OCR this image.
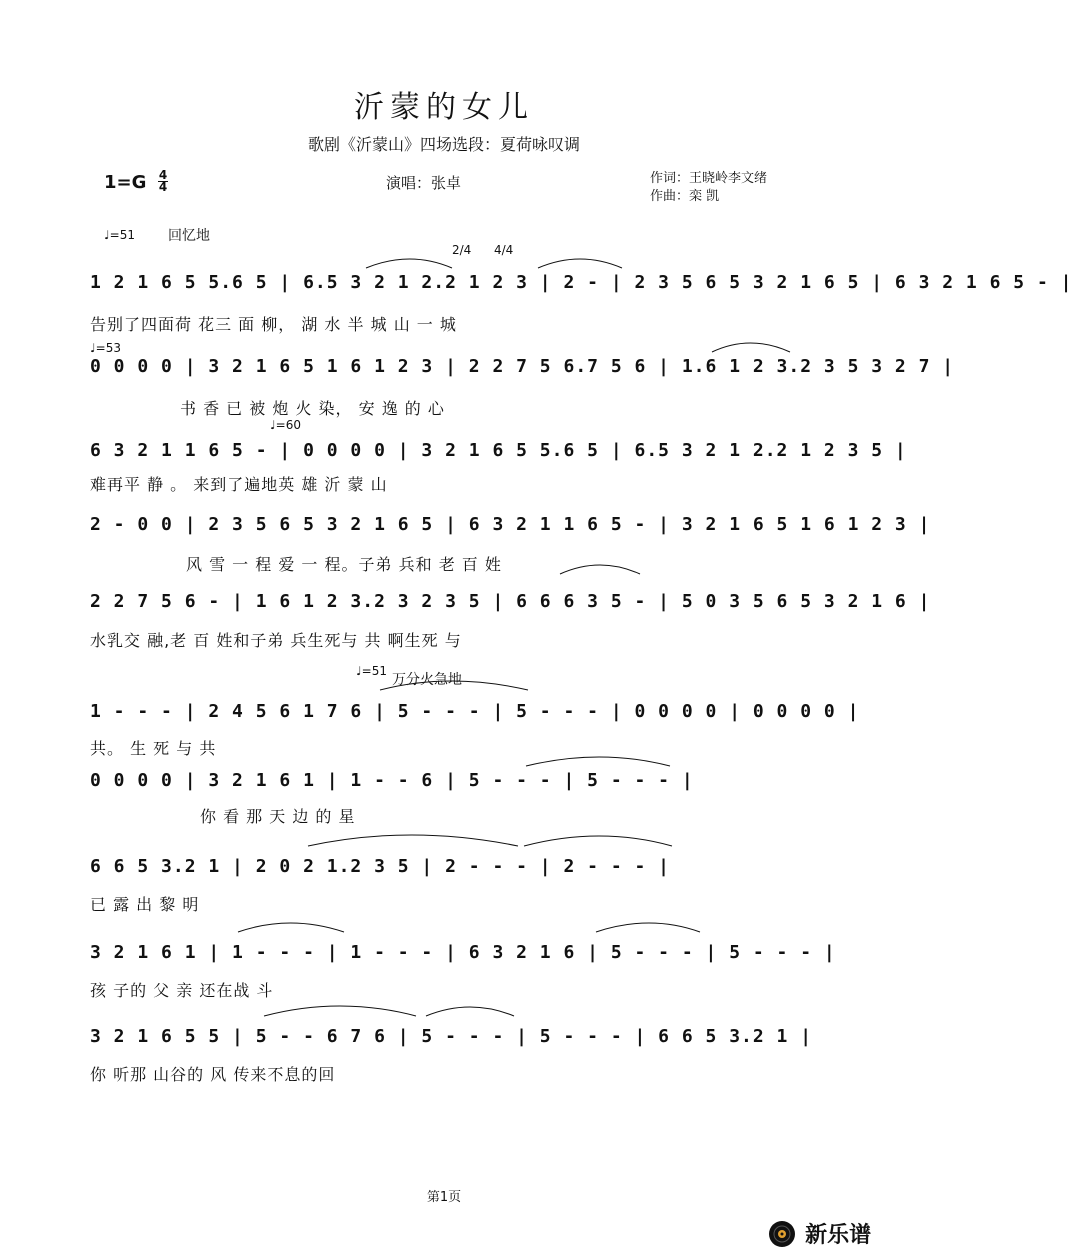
沂蒙的女儿
歌剧《沂蒙山》四场选段：夏荷咏叹调
1=G 4
4	演唱：张卓	作词：王晓岭李文绪
作曲：栾 凯
♩=51 回忆地
2/4 4/4
♩=53
♩=60
♩=51
万分火急地
1 2 1 6 5 5.6 5 | 6.5 3 2 1 2.2 1 2 3 | 2 - | 2 3 5 6 5 3 2 1 6 5 | 6 3 2 1 6 5 - |
告别了四面荷 花三 面 柳， 湖 水 半 城 山 一 城
0 0 0 0 | 3 2 1 6 5 1 6 1 2 3 | 2 2 7 5 6.7 5 6 | 1.6 1 2 3.2 3 5 3 2 7 |
书 香 已 被 炮 火 染， 安 逸 的 心
6 3 2 1 1 6 5 - | 0 0 0 0 | 3 2 1 6 5 5.6 5 | 6.5 3 2 1 2.2 1 2 3 5 |
难再平 静 。 来到了遍地英 雄 沂 蒙 山
2 - 0 0 | 2 3 5 6 5 3 2 1 6 5 | 6 3 2 1 1 6 5 - | 3 2 1 6 5 1 6 1 2 3 |
风 雪 一 程 爱 一 程。子弟 兵和 老 百 姓
2 2 7 5 6 - | 1 6 1 2 3.2 3 2 3 5 | 6 6 6 3 5 - | 5 0 3 5 6 5 3 2 1 6 |
水乳交 融,老 百 姓和子弟 兵生死与 共 啊生死 与
1 - - - | 2 4 5 6 1 7 6 | 5 - - - | 5 - - - | 0 0 0 0 | 0 0 0 0 |
共。 生 死 与 共
0 0 0 0 | 3 2 1 6 1 | 1 - - 6 | 5 - - - | 5 - - - |
你 看 那 天 边 的 星
6 6 5 3.2 1 | 2 0 2 1.2 3 5 | 2 - - - | 2 - - - |
已 露 出 黎 明
3 2 1 6 1 | 1 - - - | 1 - - - | 6 3 2 1 6 | 5 - - - | 5 - - - |
孩 子的 父 亲 还在战 斗
3 2 1 6 5 5 | 5 - - 6 7 6 | 5 - - - | 5 - - - | 6 6 5 3.2 1 |
你 听那 山谷的 风 传来不息的回
第1页
新乐谱
